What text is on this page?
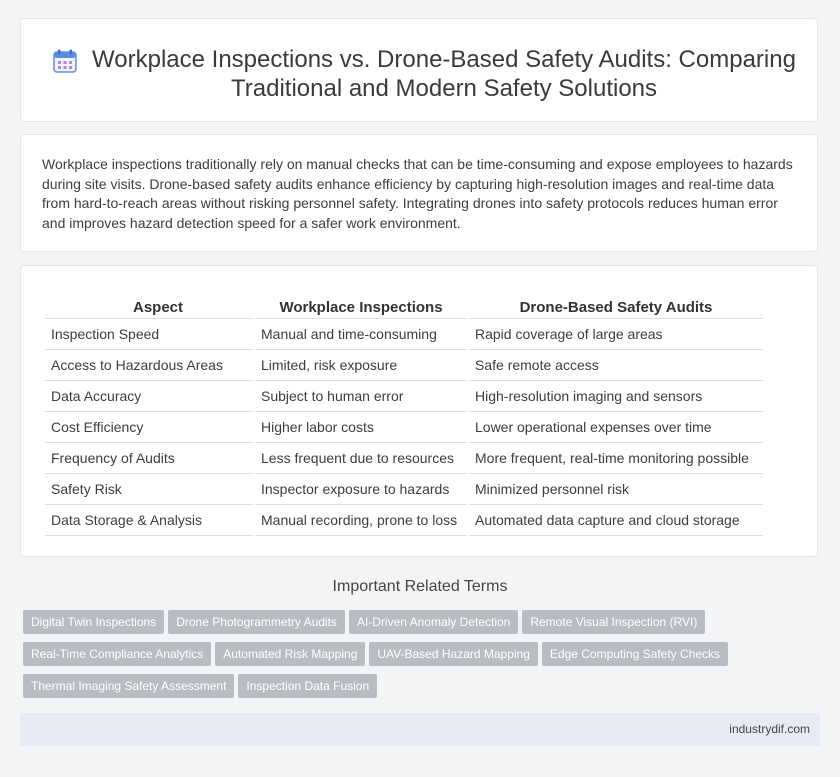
Workplace Inspections vs. Drone-Based Safety Audits: Comparing Traditional and Modern Safety Solutions

Workplace inspections traditionally rely on manual checks that can be time-consuming and expose employees to hazards during site visits. Drone-based safety audits enhance efficiency by capturing high-resolution images and real-time data from hard-to-reach areas without risking personnel safety. Integrating drones into safety protocols reduces human error and improves hazard detection speed for a safer work environment.

Aspect	Workplace Inspections	Drone-Based Safety Audits
Inspection Speed	Manual and time-consuming	Rapid coverage of large areas
Access to Hazardous Areas	Limited, risk exposure	Safe remote access
Data Accuracy	Subject to human error	High-resolution imaging and sensors
Cost Efficiency	Higher labor costs	Lower operational expenses over time
Frequency of Audits	Less frequent due to resources	More frequent, real-time monitoring possible
Safety Risk	Inspector exposure to hazards	Minimized personnel risk
Data Storage & Analysis	Manual recording, prone to loss	Automated data capture and cloud storage
Important Related Terms
Digital Twin Inspections Drone Photogrammetry Audits AI-Driven Anomaly Detection Remote Visual Inspection (RVI)
Real-Time Compliance Analytics Automated Risk Mapping UAV-Based Hazard Mapping Edge Computing Safety Checks
Thermal Imaging Safety Assessment Inspection Data Fusion
industrydif.com
